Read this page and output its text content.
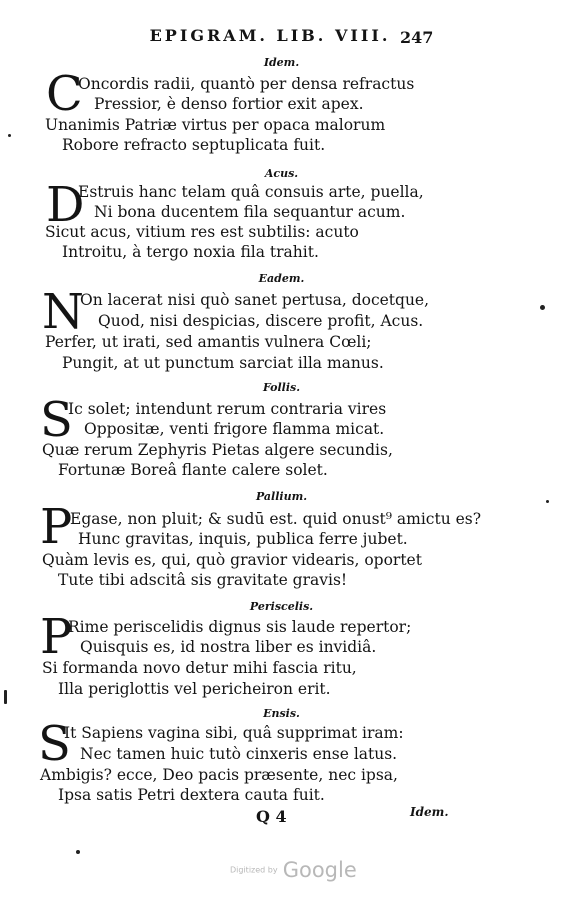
EPIGRAM. LIB. VIII. 247
Idem.
C
Oncordis radii, quantò per densa refractus
Pressior, è denso fortior exit apex.
Unanimis Patriæ virtus per opaca malorum
Robore refracto septuplicata fuit.
Acus.
D
Estruis hanc telam quâ consuis arte, puella,
Ni bona ducentem fila sequantur acum.
Sicut acus, vitium res est subtilis: acuto
Introitu, à tergo noxia fila trahit.
Eadem.
N
On lacerat nisi quò sanet pertusa, docetque,
Quod, nisi despicias, discere profit, Acus.
Perfer, ut irati, sed amantis vulnera Cœli;
Pungit, at ut punctum sarciat illa manus.
Follis.
S
Ic solet; intendunt rerum contraria vires
Oppositæ, venti frigore flamma micat.
Quæ rerum Zephyris Pietas algere secundis,
Fortunæ Boreâ flante calere solet.
Pallium.
P
Egase, non pluit; & sudū est. quid onust⁹ amictu es?
Hunc gravitas, inquis, publica ferre jubet.
Quàm levis es, qui, quò gravior videaris, oportet
Tute tibi adscitâ sis gravitate gravis!
Periscelis.
P
Rime periscelidis dignus sis laude repertor;
Quisquis es, id nostra liber es invidiâ.
Si formanda novo detur mihi fascia ritu,
Illa periglottis vel pericheiron erit.
Ensis.
S
It Sapiens vagina sibi, quâ supprimat iram:
Nec tamen huic tutò cinxeris ense latus.
Ambigis? ecce, Deo pacis præsente, nec ipsa,
Ipsa satis Petri dextera cauta fuit.
Q 4	Idem.
Digitized by Google
